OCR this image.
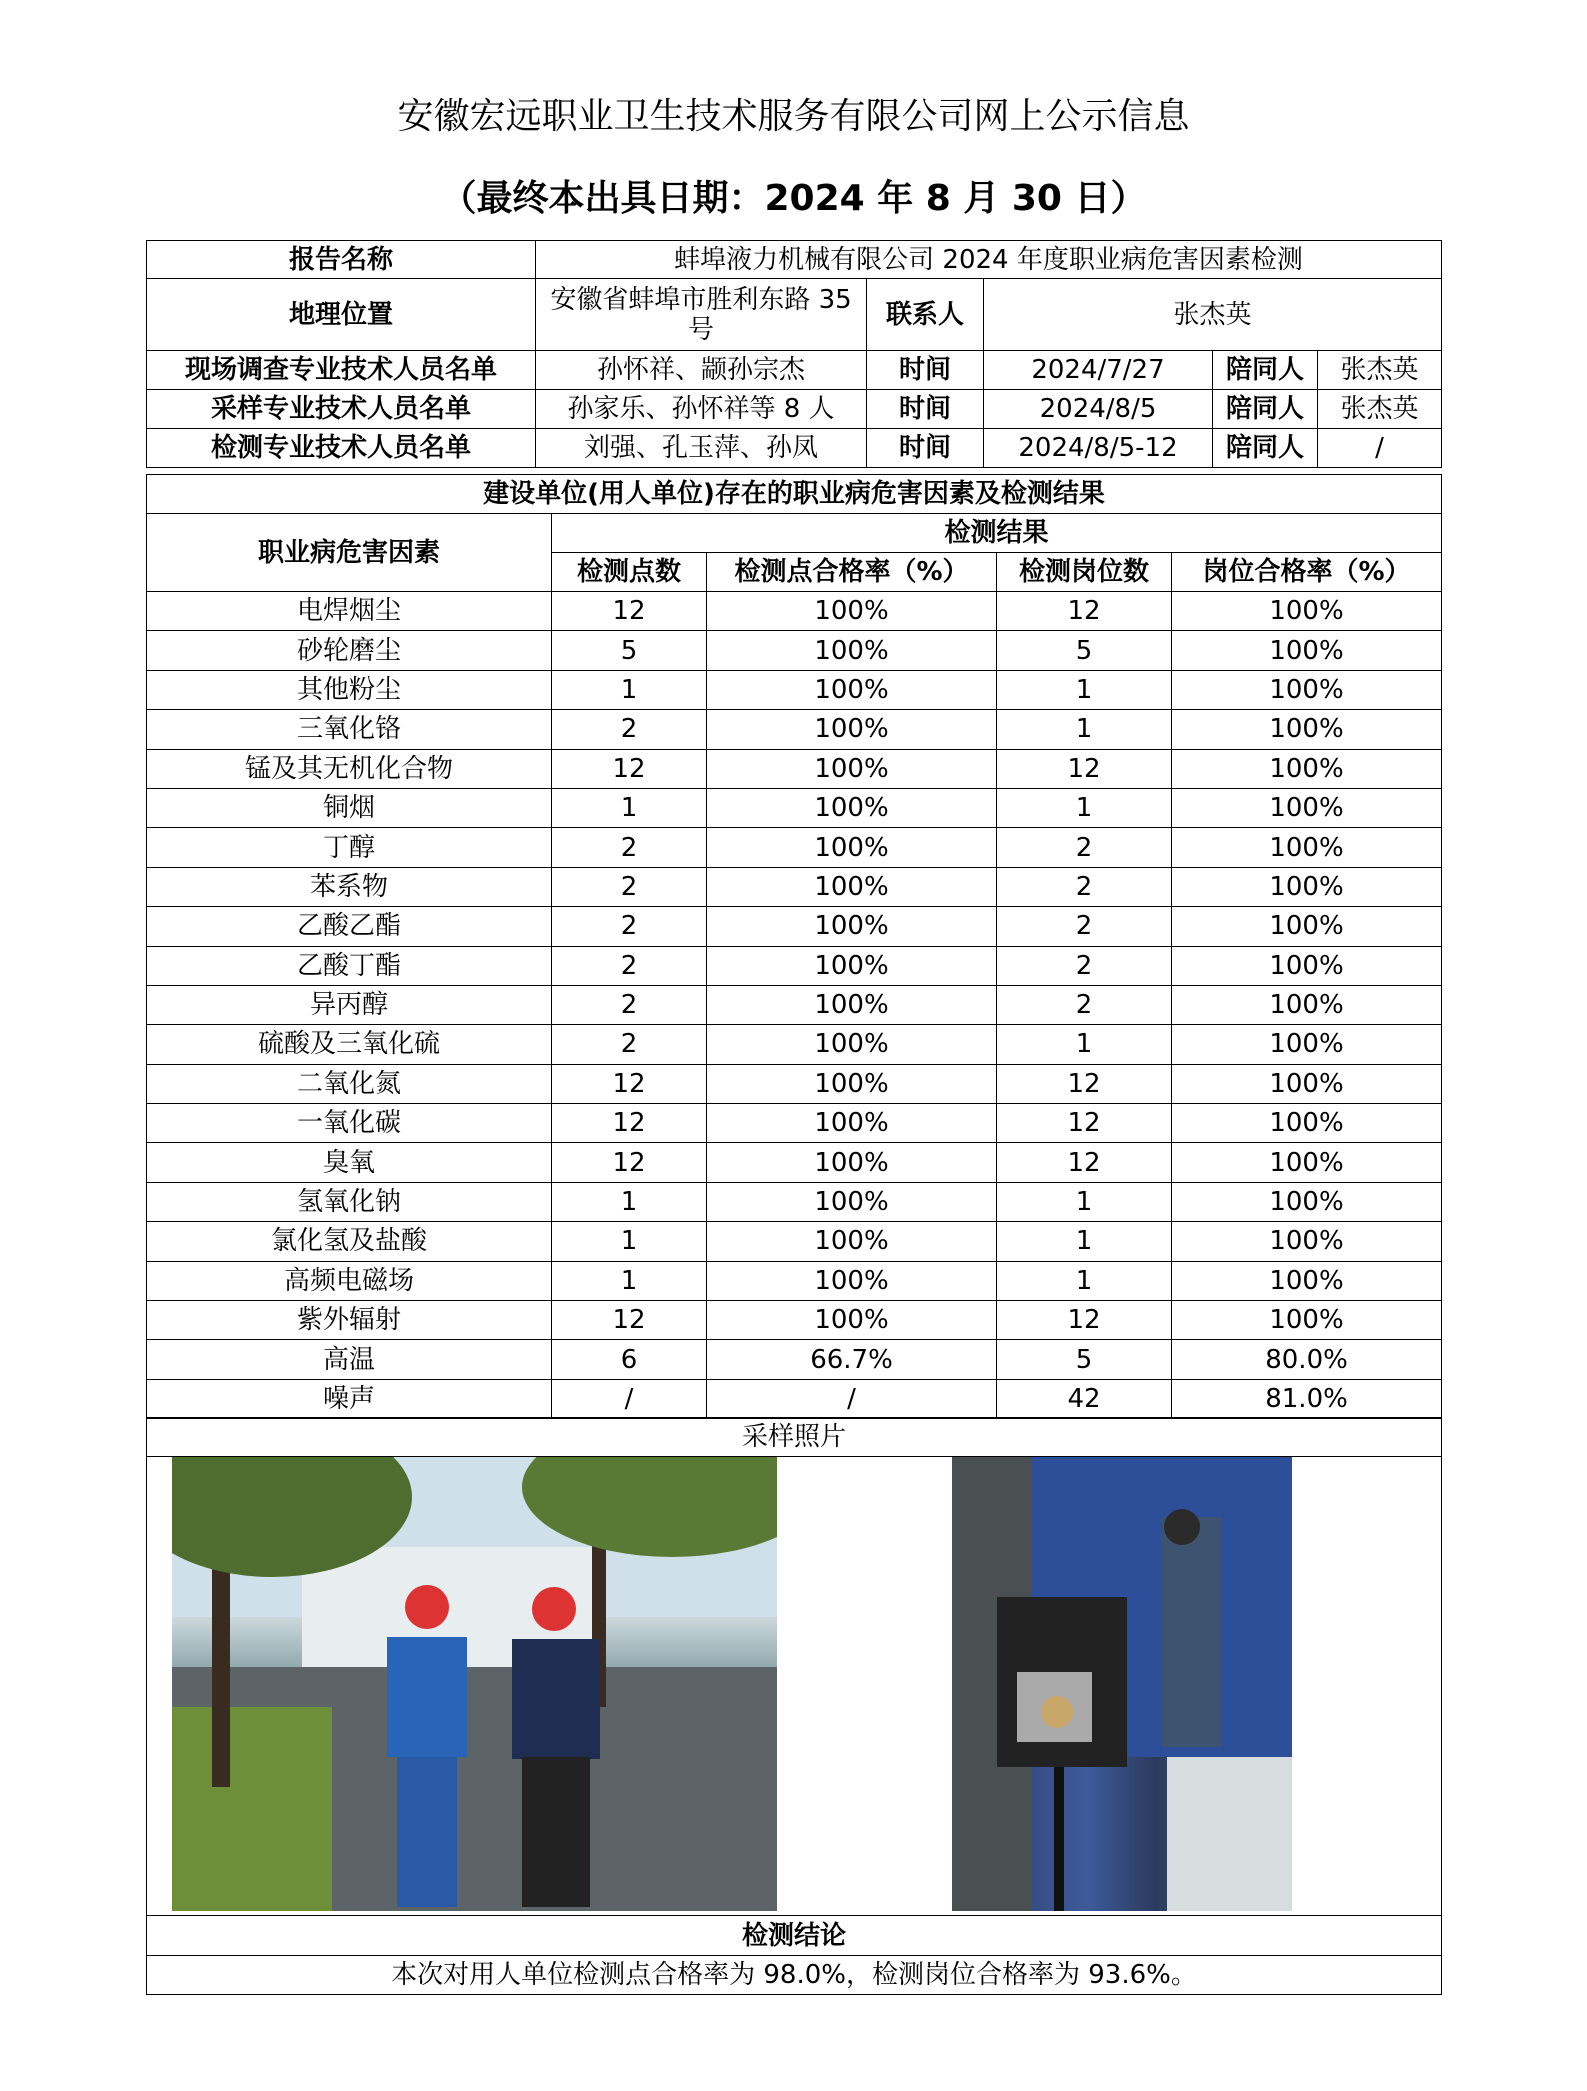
安徽宏远职业卫生技术服务有限公司网上公示信息
（最终本出具日期：2024 年 8 月 30 日）
报告名称	蚌埠液力机械有限公司 2024 年度职业病危害因素检测				
地理位置	安徽省蚌埠市胜利东路 35 号	联系人	张杰英		
现场调查专业技术人员名单	孙怀祥、颛孙宗杰	时间	2024/7/27	陪同人	张杰英
采样专业技术人员名单	孙家乐、孙怀祥等 8 人	时间	2024/8/5	陪同人	张杰英
检测专业技术人员名单	刘强、孔玉萍、孙凤	时间	2024/8/5-12	陪同人	/
建设单位(用人单位)存在的职业病危害因素及检测结果				
职业病危害因素	检测结果			
	检测点数	检测点合格率（%）	检测岗位数	岗位合格率（%）
电焊烟尘	12	100%	12	100%
砂轮磨尘	5	100%	5	100%
其他粉尘	1	100%	1	100%
三氧化铬	2	100%	1	100%
锰及其无机化合物	12	100%	12	100%
铜烟	1	100%	1	100%
丁醇	2	100%	2	100%
苯系物	2	100%	2	100%
乙酸乙酯	2	100%	2	100%
乙酸丁酯	2	100%	2	100%
异丙醇	2	100%	2	100%
硫酸及三氧化硫	2	100%	1	100%
二氧化氮	12	100%	12	100%
一氧化碳	12	100%	12	100%
臭氧	12	100%	12	100%
氢氧化钠	1	100%	1	100%
氯化氢及盐酸	1	100%	1	100%
高频电磁场	1	100%	1	100%
紫外辐射	12	100%	12	100%
高温	6	66.7%	5	80.0%
噪声	/	/	42	81.0%
采样照片

检测结论
本次对用人单位检测点合格率为 98.0%，检测岗位合格率为 93.6%。
